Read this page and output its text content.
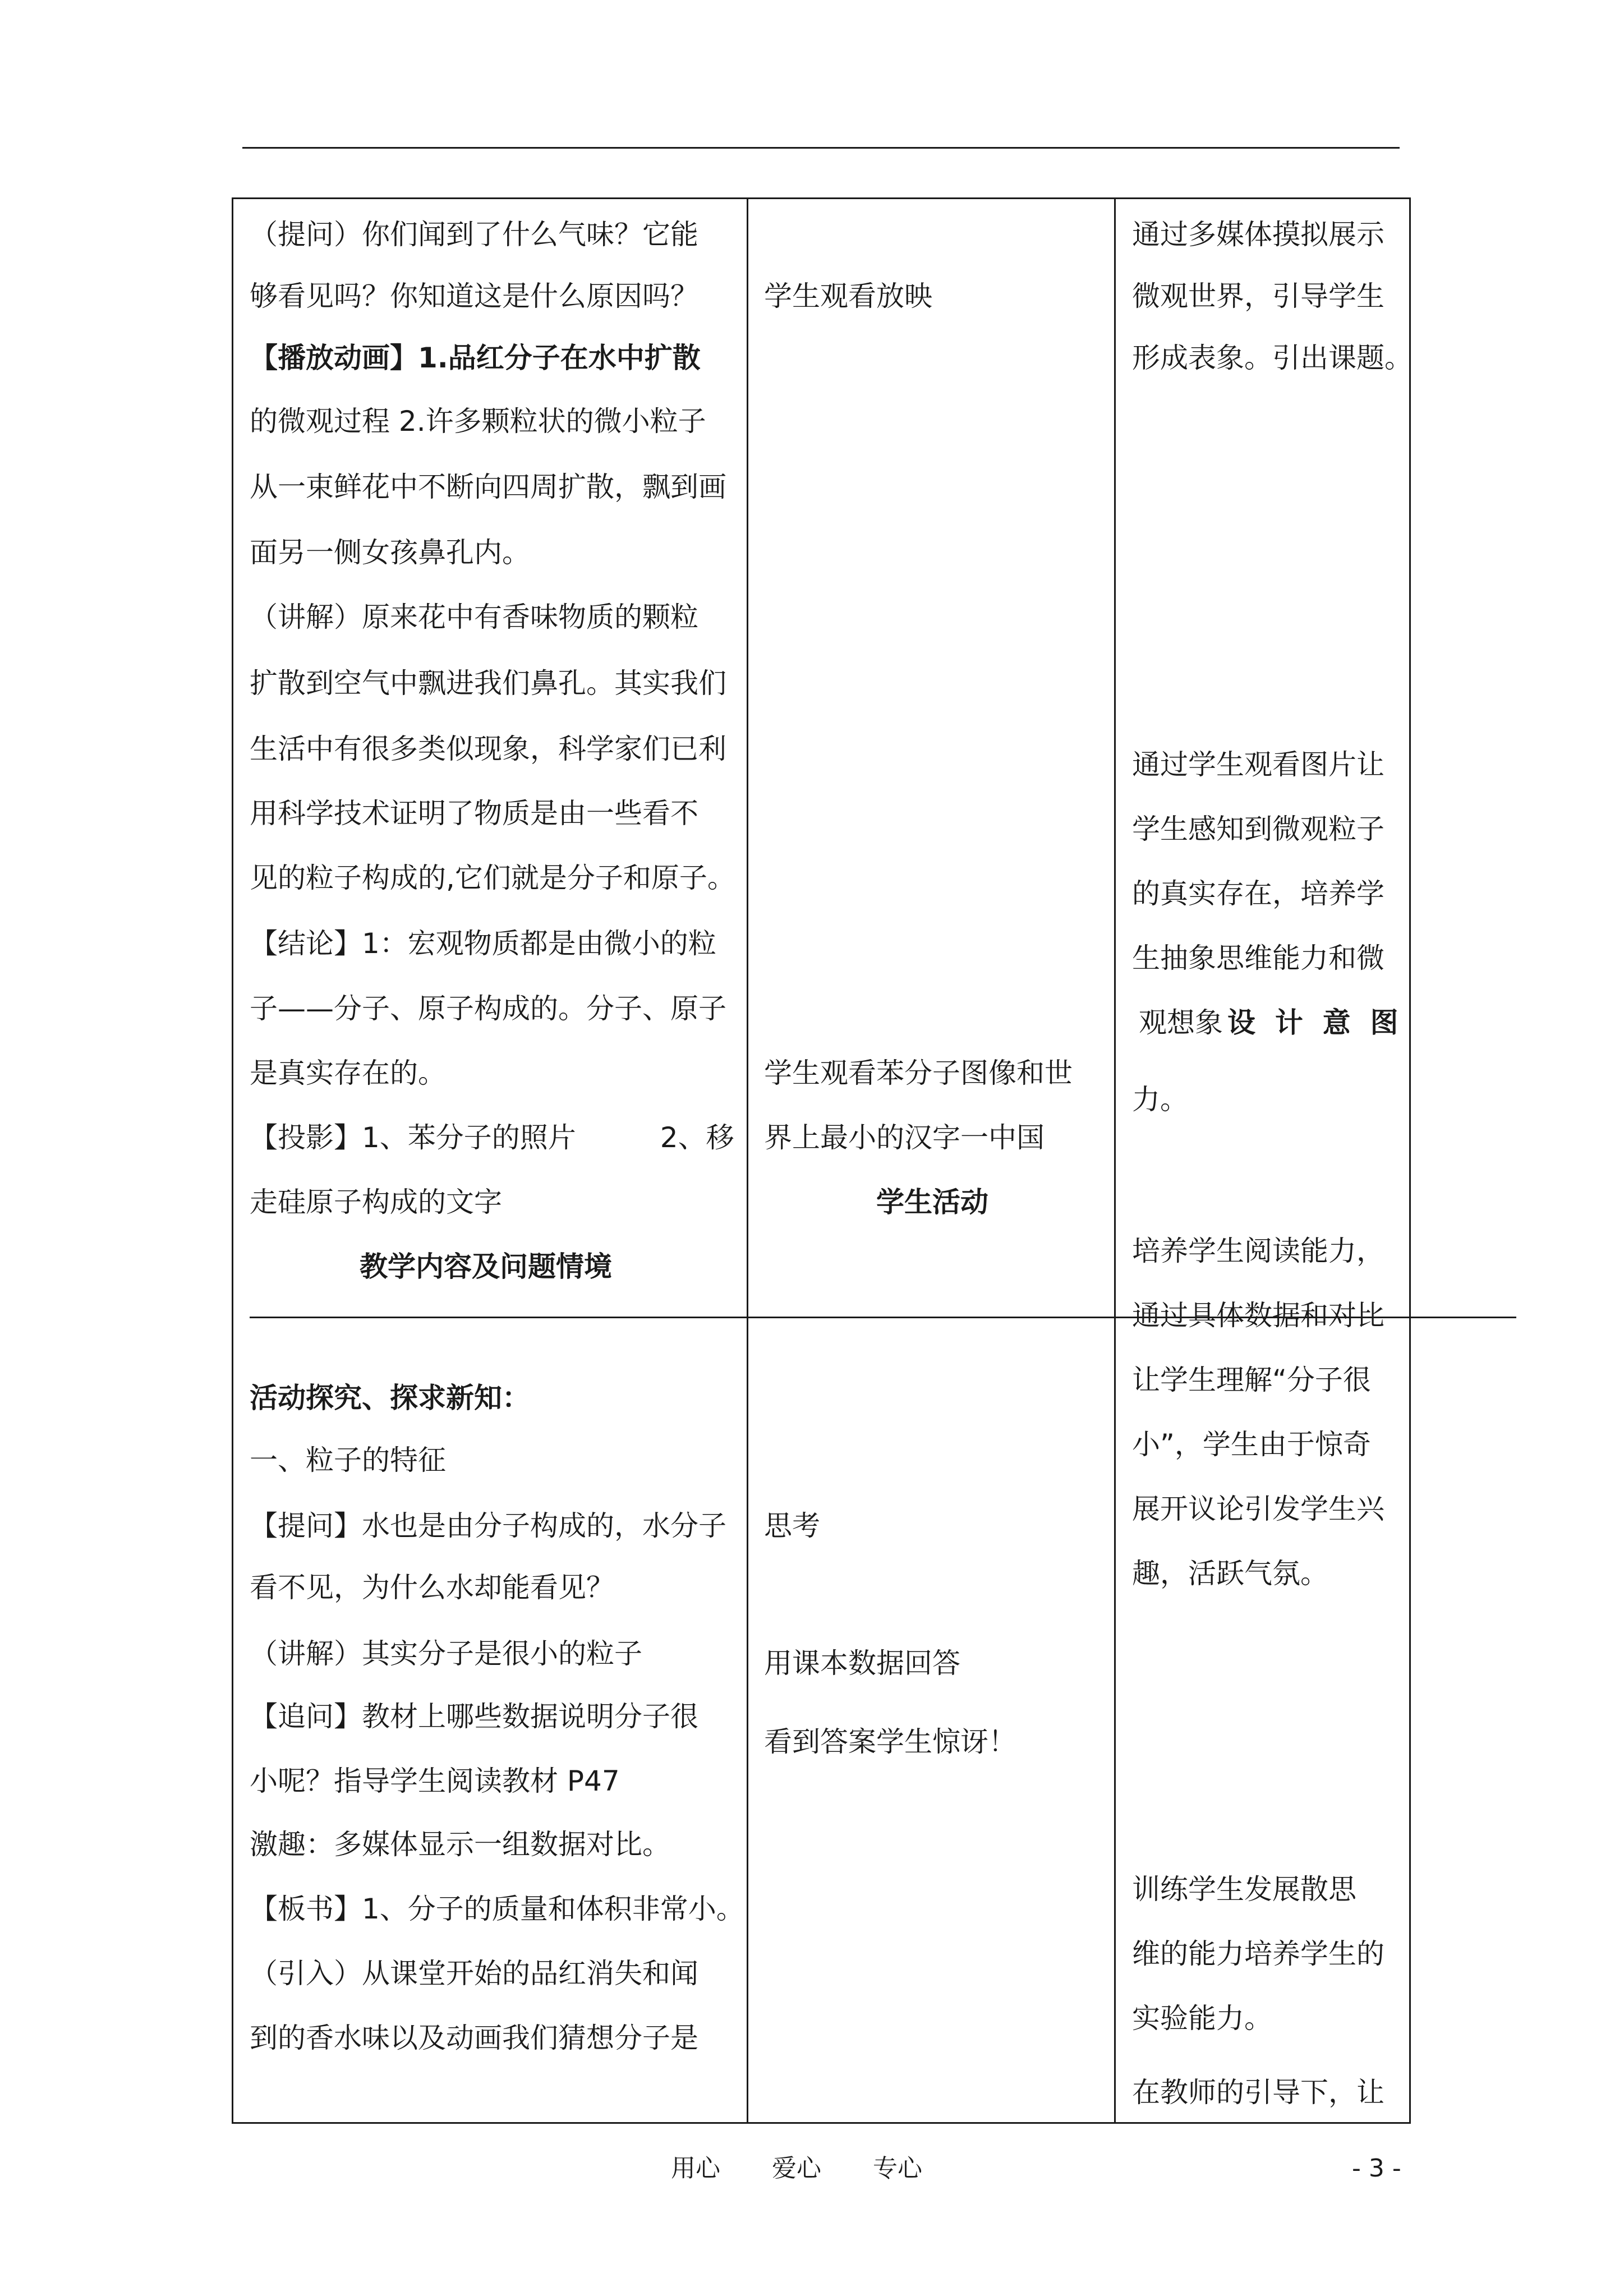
（提问）你们闻到了什么气味？它能
够看见吗？你知道这是什么原因吗？
【播放动画】1.品红分子在水中扩散
的微观过程 2.许多颗粒状的微小粒子
从一束鲜花中不断向四周扩散，飘到画
面另一侧女孩鼻孔内。
（讲解）原来花中有香味物质的颗粒
扩散到空气中飘进我们鼻孔。其实我们
生活中有很多类似现象，科学家们已利
用科学技术证明了物质是由一些看不
见的粒子构成的,它们就是分子和原子。
【结论】1：宏观物质都是由微小的粒
子——分子、原子构成的。分子、原子
是真实存在的。
【投影】1、苯分子的照片　　　2、移
走硅原子构成的文字
教学内容及问题情境
活动探究、探求新知：
一、粒子的特征
【提问】水也是由分子构成的，水分子
看不见，为什么水却能看见？
（讲解）其实分子是很小的粒子
【追问】教材上哪些数据说明分子很
小呢？指导学生阅读教材 P47
激趣：多媒体显示一组数据对比。
【板书】1、分子的质量和体积非常小。
（引入）从课堂开始的品红消失和闻
到的香水味以及动画我们猜想分子是
学生观看放映
学生观看苯分子图像和世
界上最小的汉字一中国
学生活动
思考
用课本数据回答
看到答案学生惊讶！
通过多媒体摸拟展示
微观世界，引导学生
形成表象。引出课题。
通过学生观看图片让
学生感知到微观粒子
的真实存在，培养学
生抽象思维能力和微
观想象 设  计  意  图
力。
培养学生阅读能力，
通过具体数据和对比
让学生理解“分子很
小”，学生由于惊奇
展开议论引发学生兴
趣，活跃气氛。
训练学生发展散思
维的能力培养学生的
实验能力。
在教师的引导下，让
用心 爱心 专心	- 3 -
